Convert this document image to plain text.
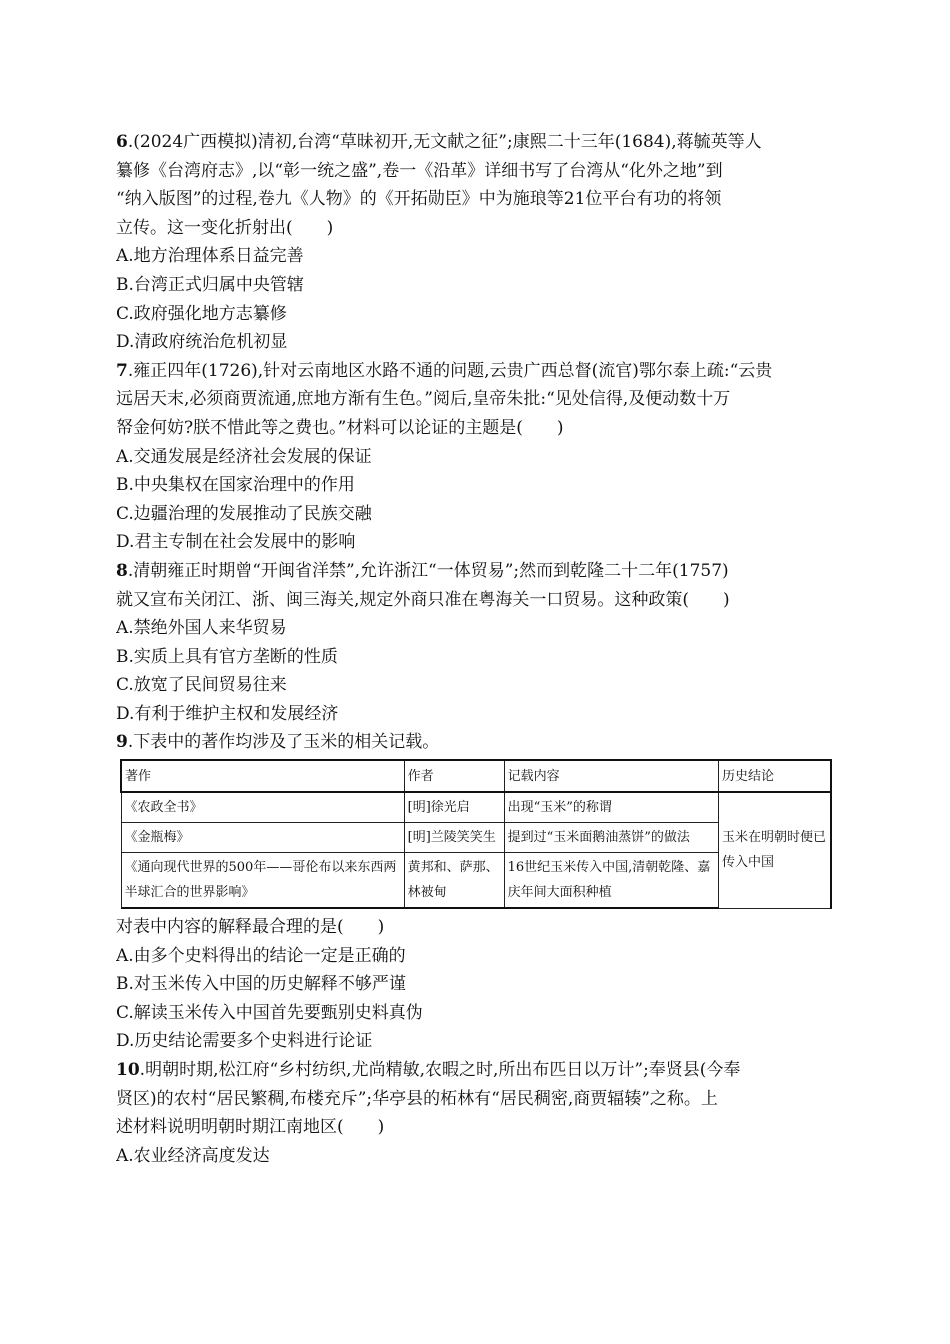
6.(2024广西模拟)清初,台湾“草昧初开,无文献之征”;康熙二十三年(1684),蒋毓英等人
纂修《台湾府志》,以“彰一统之盛”,卷一《沿革》详细书写了台湾从“化外之地”到
“纳入版图”的过程,卷九《人物》的《开拓勋臣》中为施琅等21位平台有功的将领
立传。这一变化折射出(　　)
A.地方治理体系日益完善
B.台湾正式归属中央管辖
C.政府强化地方志纂修
D.清政府统治危机初显
7.雍正四年(1726),针对云南地区水路不通的问题,云贵广西总督(流官)鄂尔泰上疏:“云贵
远居天末,必须商贾流通,庶地方渐有生色。”阅后,皇帝朱批:“见处信得,及便动数十万
帑金何妨?朕不惜此等之费也。”材料可以论证的主题是(　　)
A.交通发展是经济社会发展的保证
B.中央集权在国家治理中的作用
C.边疆治理的发展推动了民族交融
D.君主专制在社会发展中的影响
8.清朝雍正时期曾“开闽省洋禁”,允许浙江“一体贸易”;然而到乾隆二十二年(1757)
就又宣布关闭江、浙、闽三海关,规定外商只准在粤海关一口贸易。这种政策(　　)
A.禁绝外国人来华贸易
B.实质上具有官方垄断的性质
C.放宽了民间贸易往来
D.有利于维护主权和发展经济
9.下表中的著作均涉及了玉米的相关记载。
著作	作者	记载内容	历史结论
《农政全书》	[明]徐光启	出现“玉米”的称谓	玉米在明朝时便已传入中国
《金瓶梅》	[明]兰陵笑笑生	提到过“玉米面鹅油蒸饼”的做法	
《通向现代世界的500年——哥伦布以来东西两半球汇合的世界影响》	黄邦和、萨那、林被甸	16世纪玉米传入中国,清朝乾隆、嘉庆年间大面积种植	
对表中内容的解释最合理的是(　　)
A.由多个史料得出的结论一定是正确的
B.对玉米传入中国的历史解释不够严谨
C.解读玉米传入中国首先要甄别史料真伪
D.历史结论需要多个史料进行论证
10.明朝时期,松江府“乡村纺织,尤尚精敏,农暇之时,所出布匹日以万计”;奉贤县(今奉
贤区)的农村“居民繁稠,布楼充斥”;华亭县的柘林有“居民稠密,商贾辐辏”之称。上
述材料说明明朝时期江南地区(　　)
A.农业经济高度发达
